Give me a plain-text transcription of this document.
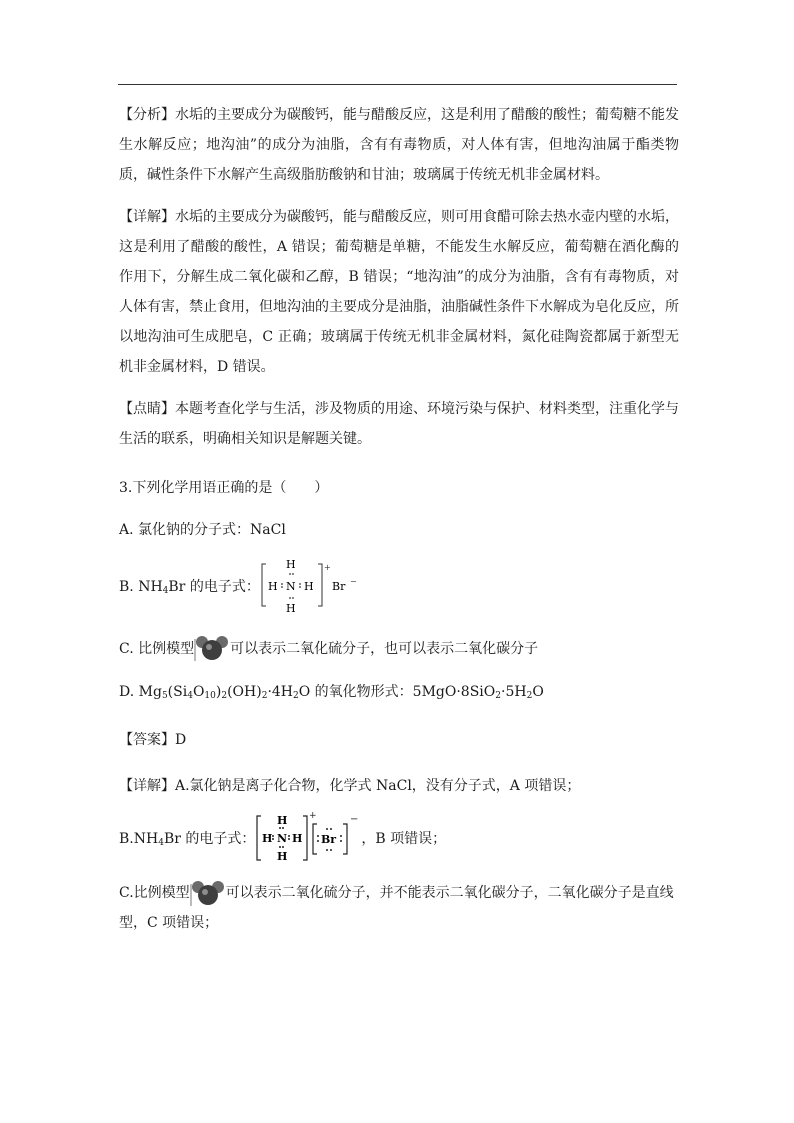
【分析】水垢的主要成分为碳酸钙，能与醋酸反应，这是利用了醋酸的酸性；葡萄糖不能发生水解反应；地沟油”的成分为油脂，含有有毒物质，对人体有害，但地沟油属于酯类物质，碱性条件下水解产生高级脂肪酸钠和甘油；玻璃属于传统无机非金属材料。

【详解】水垢的主要成分为碳酸钙，能与醋酸反应，则可用食醋可除去热水壶内壁的水垢，这是利用了醋酸的酸性，A 错误；葡萄糖是单糖，不能发生水解反应，葡萄糖在酒化酶的作用下，分解生成二氧化碳和乙醇，B 错误；“地沟油”的成分为油脂，含有有毒物质，对人体有害，禁止食用，但地沟油的主要成分是油脂，油脂碱性条件下水解成为皂化反应，所以地沟油可生成肥皂，C 正确；玻璃属于传统无机非金属材料，氮化硅陶瓷都属于新型无机非金属材料，D 错误。

【点睛】本题考查化学与生活，涉及物质的用途、环境污染与保护、材料类型，注重化学与生活的联系，明确相关知识是解题关键。

3.下列化学用语正确的是（　　）

A. 氯化钠的分子式：NaCl

B. $NH_4Br$ 的电子式：
H
H N H
H
+
Br −
C. 比例模型	可以表示二氧化硫分子，也可以表示二氧化碳分子

D. $Mg_5(Si_4O_{10})_2(OH)_2\cdot 4H_2O$ 的氧化物形式：$5MgO\cdot 8SiO_2\cdot 5H_2O$

【答案】D

【详解】A.氯化钠是离子化合物，化学式 NaCl，没有分子式，A 项错误；

$B.NH_4Br$ 的电子式：
H
H N H
H
+
Br
−
，B 项错误；
C.比例模型	可以表示二氧化硫分子，并不能表示二氧化碳分子，二氧化碳分子是直线型，C 项错误；
